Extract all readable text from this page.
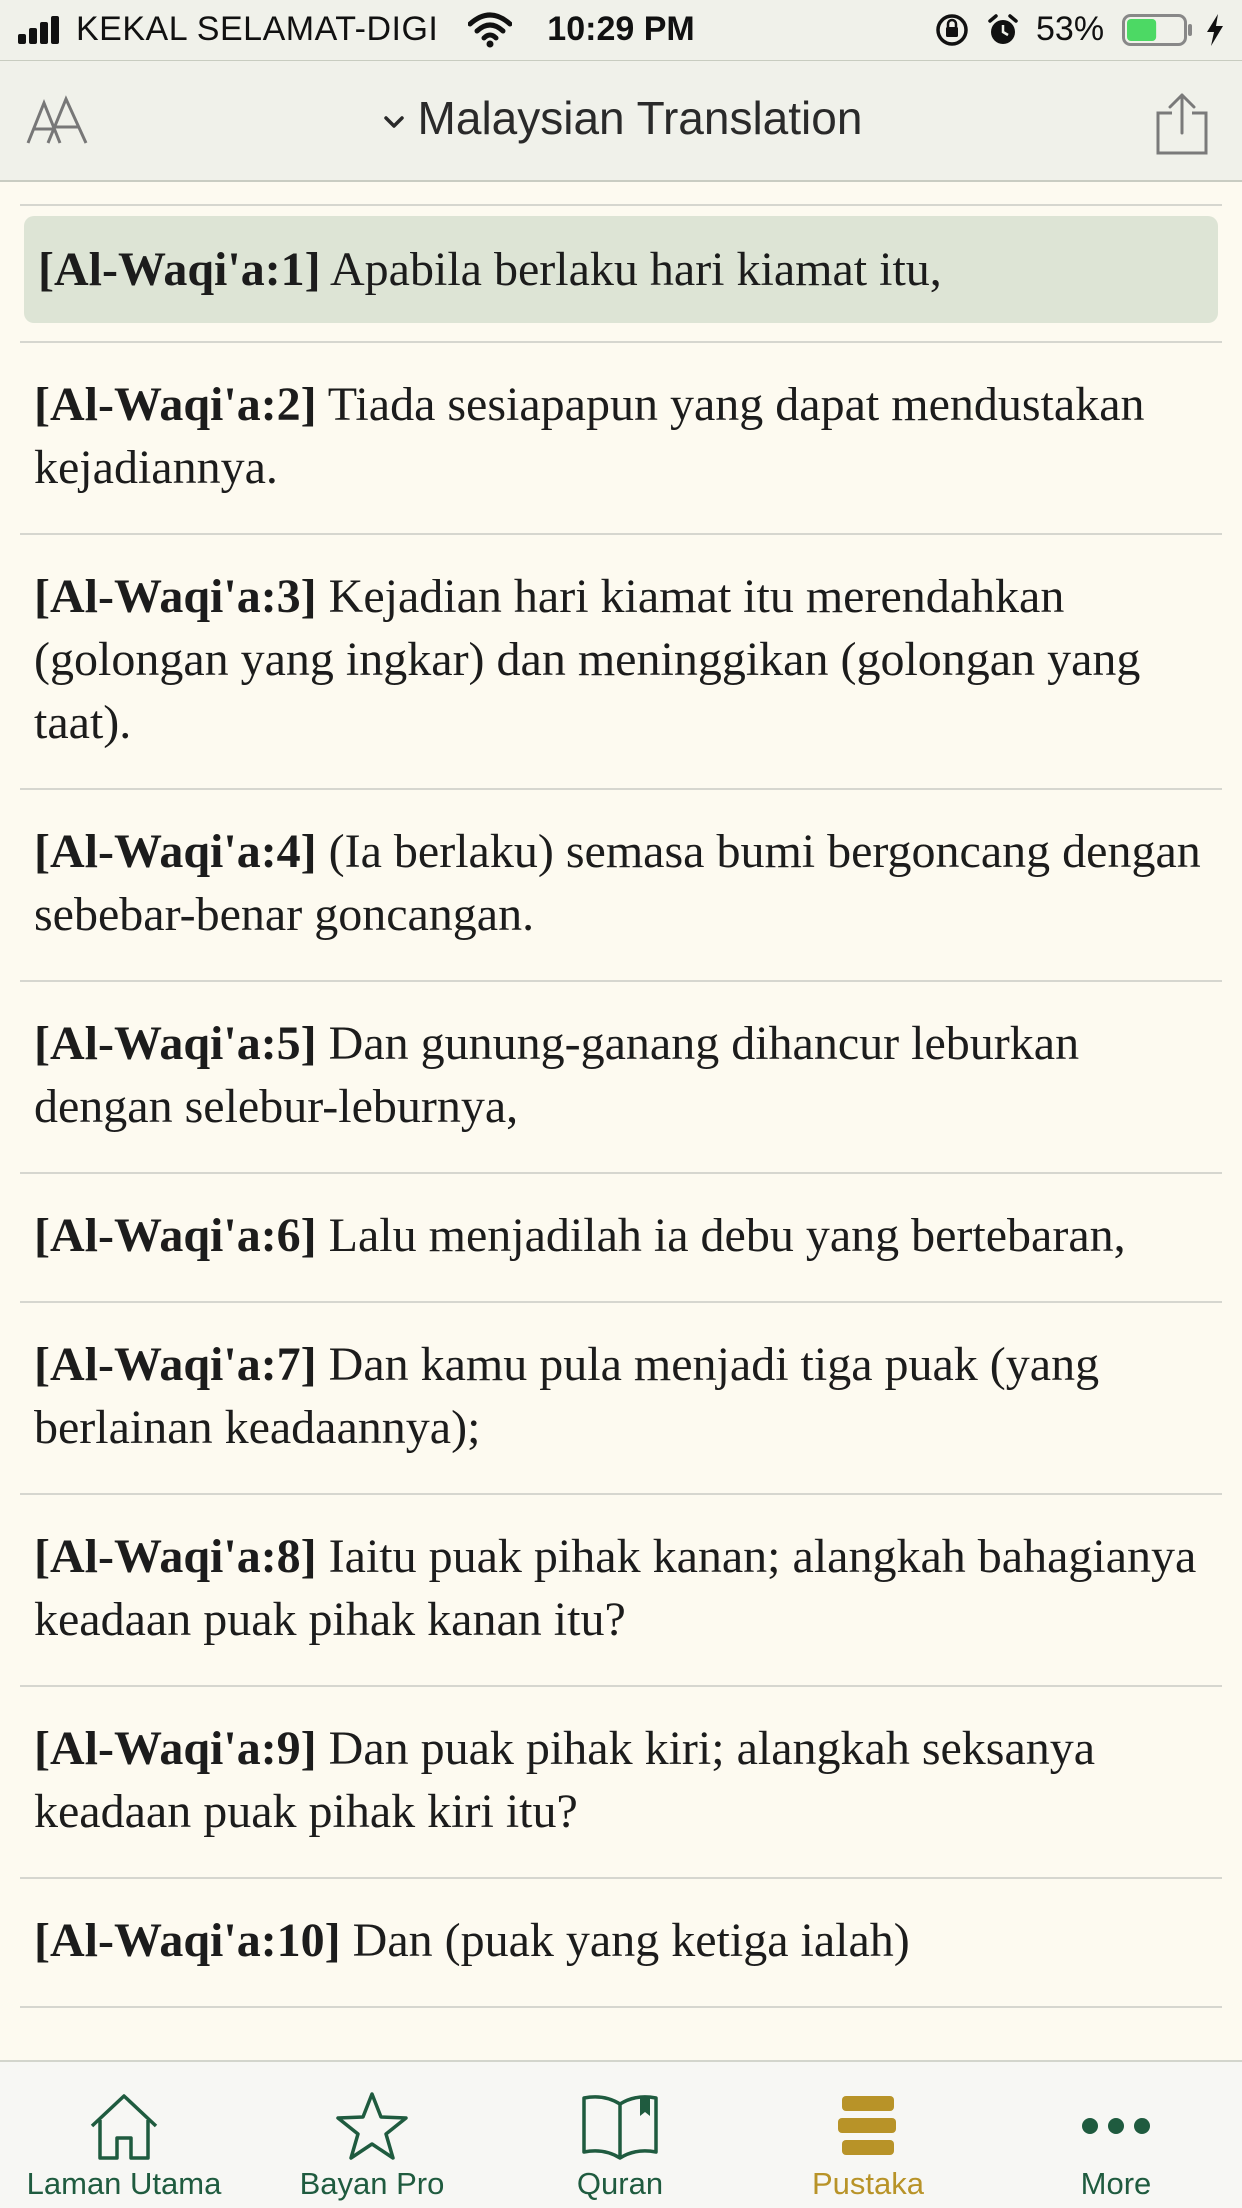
KEKAL SELAMAT-DIGI	10:29 PM	53%
Malaysian Translation
[Al-Waqi'a:1] Apabila berlaku hari kiamat itu,
[Al-Waqi'a:2] Tiada sesiapapun yang dapat mendustakan kejadiannya.
[Al-Waqi'a:3] Kejadian hari kiamat itu merendahkan (golongan yang ingkar) dan meninggikan (golongan yang taat).
[Al-Waqi'a:4] (Ia berlaku) semasa bumi bergoncang dengan sebebar-benar goncangan.
[Al-Waqi'a:5] Dan gunung-ganang dihancur leburkan dengan selebur-leburnya,
[Al-Waqi'a:6] Lalu menjadilah ia debu yang bertebaran,
[Al-Waqi'a:7] Dan kamu pula menjadi tiga puak (yang berlainan keadaannya);
[Al-Waqi'a:8] Iaitu puak pihak kanan; alangkah bahagianya keadaan puak pihak kanan itu?
[Al-Waqi'a:9] Dan puak pihak kiri; alangkah seksanya keadaan puak pihak kiri itu?
[Al-Waqi'a:10] Dan (puak yang ketiga ialah)
Laman Utama	Bayan Pro	Quran	Pustaka	More
